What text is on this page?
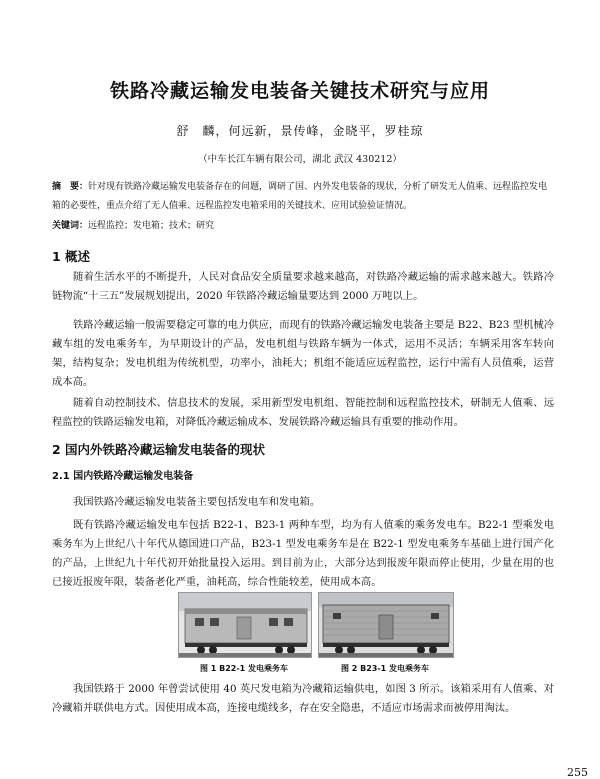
铁路冷藏运输发电装备关键技术研究与应用
舒　麟，何远新，景传峰，金晓平，罗桂琼
（中车长江车辆有限公司，湖北 武汉 430212）
摘　要：针对现有铁路冷藏运输发电装备存在的问题，调研了国、内外发电装备的现状，分析了研发无人值乘、远程监控发电箱的必要性，重点介绍了无人值乘、远程监控发电箱采用的关键技术、应用试验验证情况。
关键词：远程监控；发电箱；技术；研究
1 概述
随着生活水平的不断提升，人民对食品安全质量要求越来越高，对铁路冷藏运输的需求越来越大。铁路冷链物流“十三五”发展规划提出，2020 年铁路冷藏运输量要达到 2000 万吨以上。
铁路冷藏运输一般需要稳定可靠的电力供应，而现有的铁路冷藏运输发电装备主要是 B22、B23 型机械冷藏车组的发电乘务车，为早期设计的产品，发电机组与铁路车辆为一体式，运用不灵活；车辆采用客车转向架，结构复杂；发电机组为传统机型，功率小，油耗大；机组不能适应远程监控，运行中需有人员值乘，运营成本高。
随着自动控制技术、信息技术的发展，采用新型发电机组、智能控制和远程监控技术，研制无人值乘、远程监控的铁路运输发电箱，对降低冷藏运输成本、发展铁路冷藏运输具有重要的推动作用。
2 国内外铁路冷藏运输发电装备的现状
2.1 国内铁路冷藏运输发电装备
我国铁路冷藏运输发电装备主要包括发电车和发电箱。
既有铁路冷藏运输发电车包括 B22-1、B23-1 两种车型，均为有人值乘的乘务发电车。B22-1 型乘发电乘务车为上世纪八十年代从德国进口产品，B23-1 型发电乘务车是在 B22-1 型发电乘务车基础上进行国产化的产品，上世纪九十年代初开始批量投入运用。到目前为止，大部分达到报废年限而停止使用，少量在用的也已接近报废年限，装备老化严重，油耗高，综合性能较差，使用成本高。
图 1 B22-1 发电乘务车	图 2 B23-1 发电乘务车
我国铁路于 2000 年曾尝试使用 40 英尺发电箱为冷藏箱运输供电，如图 3 所示。该箱采用有人值乘、对冷藏箱并联供电方式。因使用成本高，连接电缆线多，存在安全隐患，不适应市场需求而被停用淘汰。
255
